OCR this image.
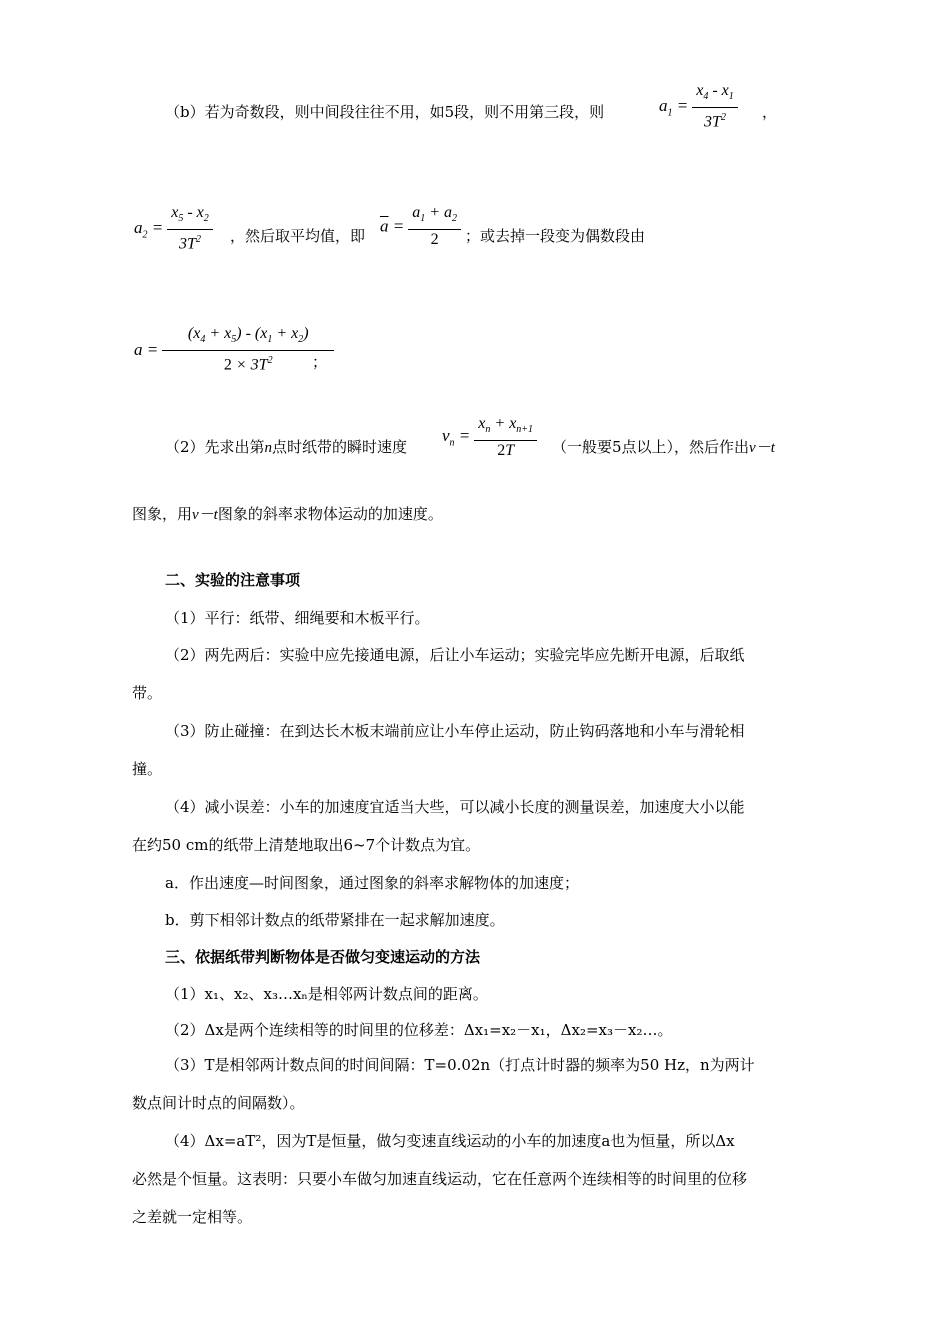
（b）若为奇数段，则中间段往往不用，如5段，则不用第三段，则	$a_1 = \frac{x_4 - x_1}{3T^2}$ ，
$a_2 = \frac{x_5 - x_2}{3T^2}$ ，然后取平均值，即
$\overline{a} = \frac{a_1 + a_2}{2}$ ；或去掉一段变为偶数段由
$a = \frac{(x_4 + x_5) - (x_1 + x_2)}{2 \times 3T^2}$
；
（2）先求出第n点时纸带的瞬时速度
$v_n = \frac{x_n + x_{n+1}}{2T}$ （一般要5点以上），然后作出v－t
图象，用v－t图象的斜率求物体运动的加速度。
二、实验的注意事项
（1）平行：纸带、细绳要和木板平行。
（2）两先两后：实验中应先接通电源，后让小车运动；实验完毕应先断开电源，后取纸
带。
（3）防止碰撞：在到达长木板末端前应让小车停止运动，防止钩码落地和小车与滑轮相
撞。
（4）减小误差：小车的加速度宜适当大些，可以减小长度的测量误差，加速度大小以能
在约50 cm的纸带上清楚地取出6~7个计数点为宜。
a．作出速度—时间图象，通过图象的斜率求解物体的加速度；
b．剪下相邻计数点的纸带紧排在一起求解加速度。
三、依据纸带判断物体是否做匀变速运动的方法
（1）x₁、x₂、x₃…xₙ是相邻两计数点间的距离。
（2）Δx是两个连续相等的时间里的位移差：Δx₁=x₂－x₁，Δx₂=x₃－x₂…。
（3）T是相邻两计数点间的时间间隔：T=0.02n（打点计时器的频率为50 Hz，n为两计
数点间计时点的间隔数）。
（4）Δx=aT²，因为T是恒量，做匀变速直线运动的小车的加速度a也为恒量，所以Δx
必然是个恒量。这表明：只要小车做匀加速直线运动，它在任意两个连续相等的时间里的位移
之差就一定相等。
